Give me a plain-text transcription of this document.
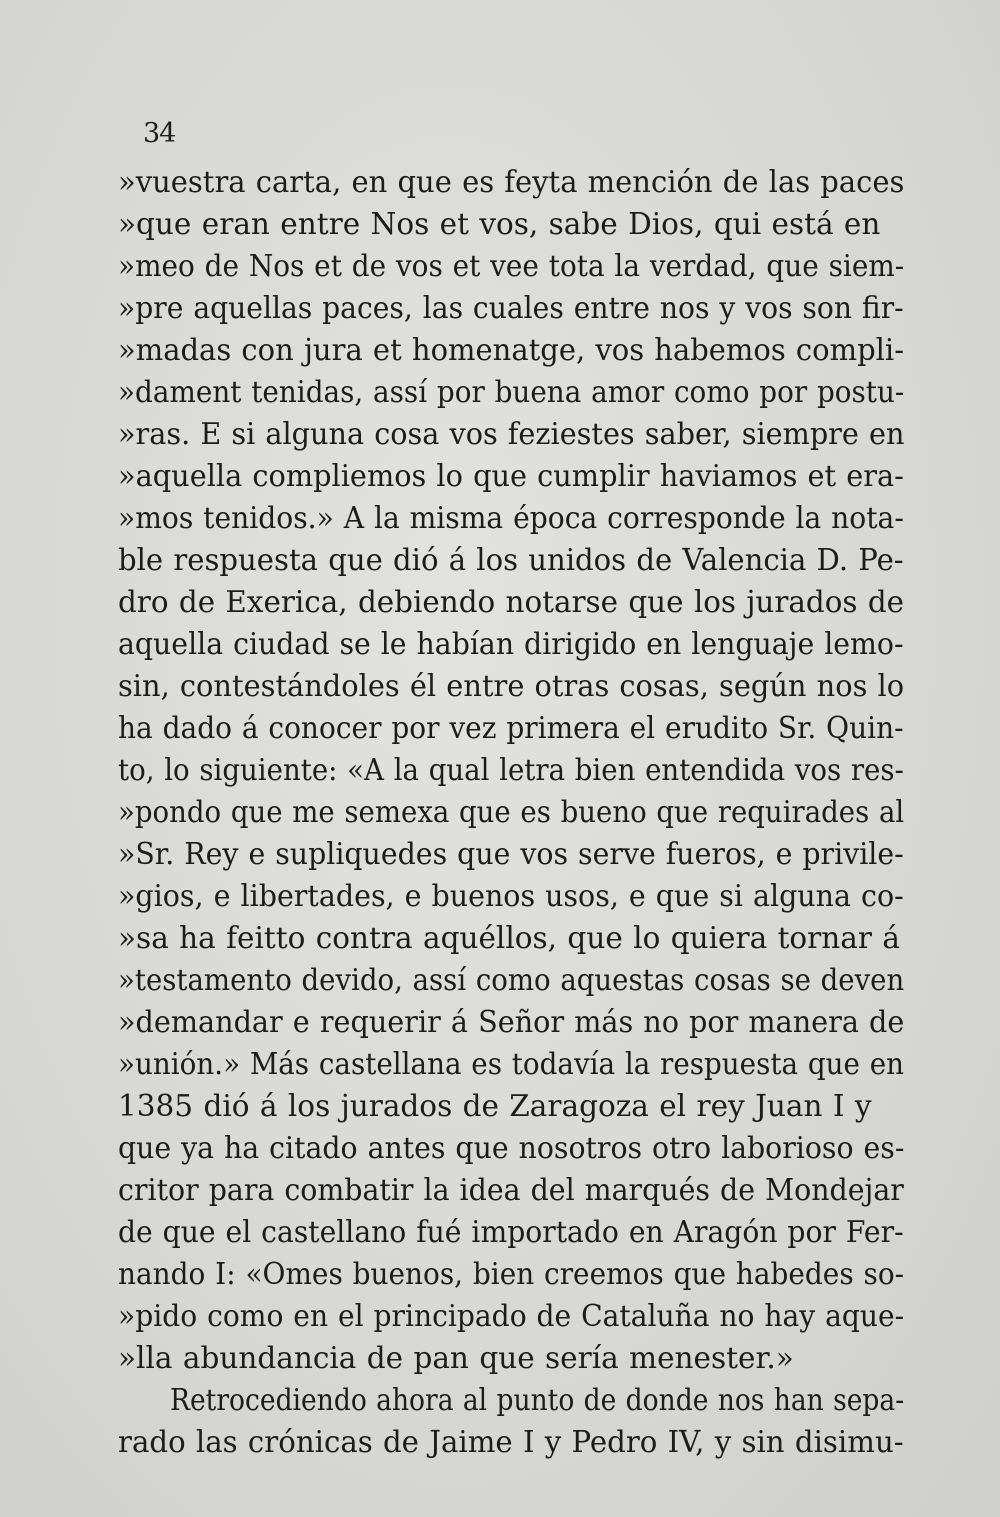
34
»vuestra carta, en que es feyta mención de las paces
»que eran entre Nos et vos, sabe Dios, qui está en
»meo de Nos et de vos et vee tota la verdad, que siem-
»pre aquellas paces, las cuales entre nos y vos son fir-
»madas con jura et homenatge, vos habemos compli-
»dament tenidas, assí por buena amor como por postu-
»ras. E si alguna cosa vos feziestes saber, siempre en
»aquella compliemos lo que cumplir haviamos et era-
»mos tenidos.» A la misma época corresponde la nota-
ble respuesta que dió á los unidos de Valencia D. Pe-
dro de Exerica, debiendo notarse que los jurados de
aquella ciudad se le habían dirigido en lenguaje lemo-
sin, contestándoles él entre otras cosas, según nos lo
ha dado á conocer por vez primera el erudito Sr. Quin-
to, lo siguiente: «A la qual letra bien entendida vos res-
»pondo que me semexa que es bueno que requirades al
»Sr. Rey e supliquedes que vos serve fueros, e privile-
»gios, e libertades, e buenos usos, e que si alguna co-
»sa ha feitto contra aquéllos, que lo quiera tornar á
»testamento devido, assí como aquestas cosas se deven
»demandar e requerir á Señor más no por manera de
»unión.» Más castellana es todavía la respuesta que en
1385 dió á los jurados de Zaragoza el rey Juan I y
que ya ha citado antes que nosotros otro laborioso es-
critor para combatir la idea del marqués de Mondejar
de que el castellano fué importado en Aragón por Fer-
nando I: «Omes buenos, bien creemos que habedes so-
»pido como en el principado de Cataluña no hay aque-
»lla abundancia de pan que sería menester.»
Retrocediendo ahora al punto de donde nos han sepa-
rado las crónicas de Jaime I y Pedro IV, y sin disimu-
